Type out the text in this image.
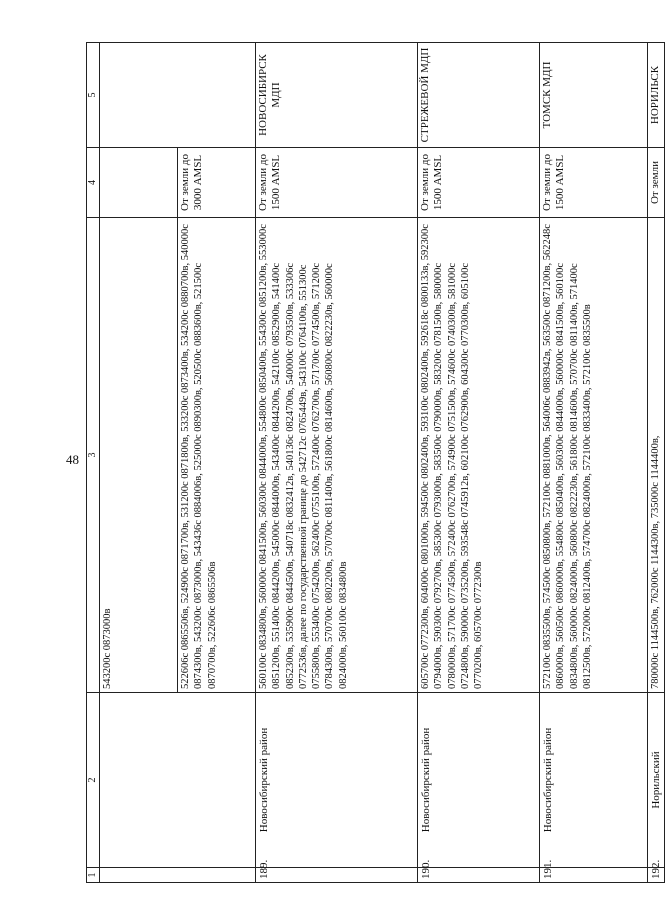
48
1	2	3	4	5
		543200c 0873000в		
		522606c 0865506в, 524900c 0871700в, 531200c 0871800в, 533200c 0873400в, 534200c 0880700в, 540000c 0874300в, 543200c 0873000в, 543436c 0884006в, 525000c 0890300в, 520500c 0883600в, 521500c 0870700в, 522606c 0865506в	От земли до 3000 AMSL	
189.	Новосибирский район	560100c 0834800в, 560000c 0841500в, 560300c 0844000в, 554800c 0850400в, 554300c 0851200в, 553000c 0851200в, 551400c 0844200в, 545000c 0844000в, 543400c 0844200в, 542100c 0852900в, 541400c 0852300в, 535900c 0844500в, 540718c 0832412в, 540136c 0824700в, 540000c 0793500в, 533306c 0772536в, далее по государственной границе до 542712c 0765449в, 543100c 0764100в, 551300c 0755800в, 553400c 0754200в, 562400c 0755100в, 572400c 0762700в, 571700c 0774500в, 571200c 0784300в, 570700c 0802200в, 570700c 0811400в, 561800c 0814600в, 560800c 0822230в, 560000c 0824000в, 560100c 0834800в	От земли до 1500 AMSL	НОВОСИБИРСК МДП
190.	Новосибирский район	605700c 0772300в, 604000c 0801000в, 594500c 0802400в, 593100c 0802400в, 592618c 0800133в, 592300c 0794000в, 590300c 0792700в, 585300c 0793000в, 583500c 0790000в, 583200c 0781500в, 580000c 0780000в, 571700c 0774500в, 572400c 0762700в, 574900c 0751500в, 574600c 0740300в, 581000c 0724800в, 590000c 0735200в, 593548c 0745912в, 602100c 0762900в, 604300c 0770300в, 605100c 0770200в, 605700c 0772300в	От земли до 1500 AMSL	СТРЕЖЕВОЙ МДП
191.	Новосибирский район	572100c 0835500в, 574500c 0850800в, 572100c 0881000в, 564006c 0883942в, 563500c 0871200в, 562248c 0860000в, 560500c 0860000в, 554800c 0850400в, 560300c 0844000в, 560000c 0841500в, 560100c 0834800в, 560000c 0824000в, 560800c 0822230в, 561800c 0814600в, 570700c 0811400в, 571400c 0812500в, 572000c 0812400в, 574700c 0824000в, 572100c 0833400в, 572100c 0835500в	От земли до 1500 AMSL	ТОМСК МДП
192.	Норильский	780000c 1144500в, 762000c 1144300в, 735000c 1144400в,	От земли	НОРИЛЬСК
